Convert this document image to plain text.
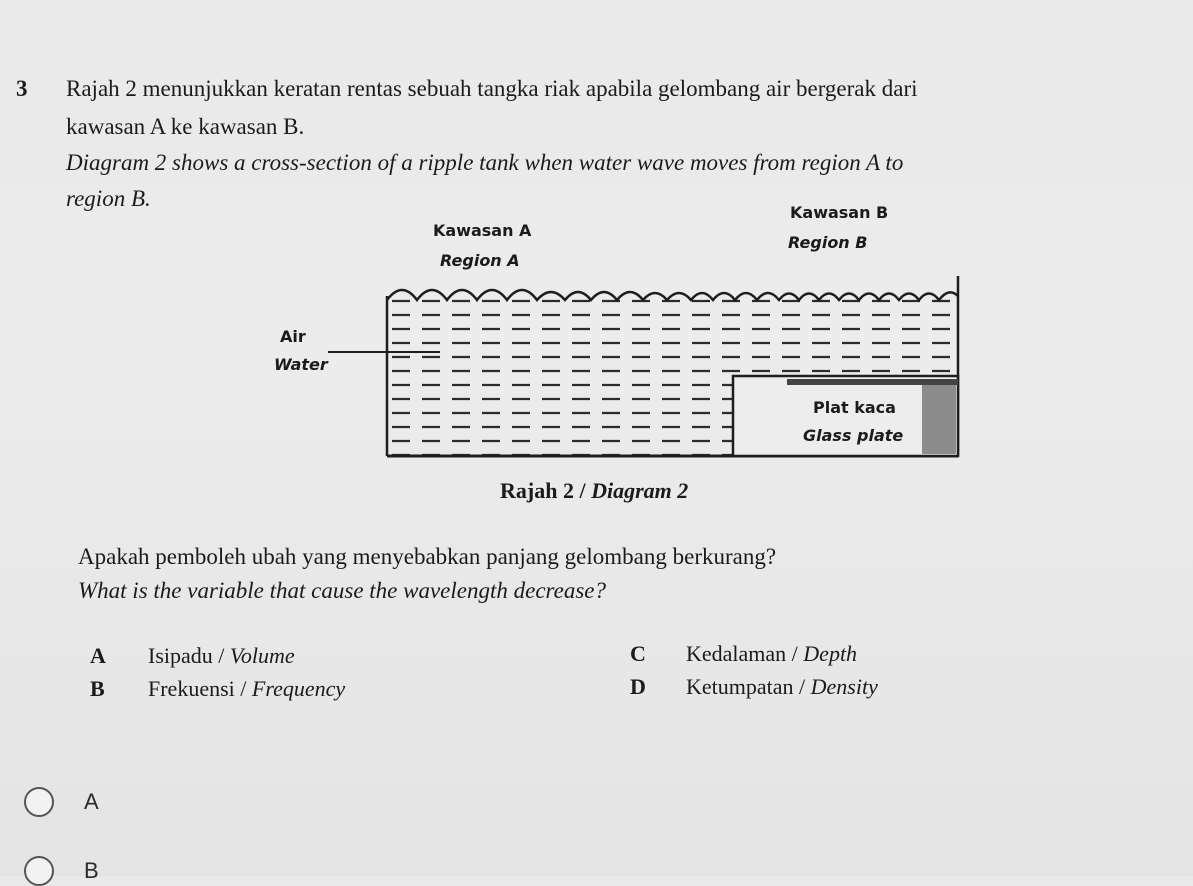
3 Rajah 2 menunjukkan keratan rentas sebuah tangka riak apabila gelombang air bergerak dari
kawasan A ke kawasan B.
Diagram 2 shows a cross-section of a ripple tank when water wave moves from region A to
region B.
Kawasan A
Region A
Kawasan B
Region B
Air
Water
Plat kaca
Glass plate
Rajah 2 / Diagram 2
Apakah pemboleh ubah yang menyebabkan panjang gelombang berkurang?
What is the variable that cause the wavelength decrease?
A Isipadu / Volume
B Frekuensi / Frequency
C Kedalaman / Depth
D Ketumpatan / Density
A
B
